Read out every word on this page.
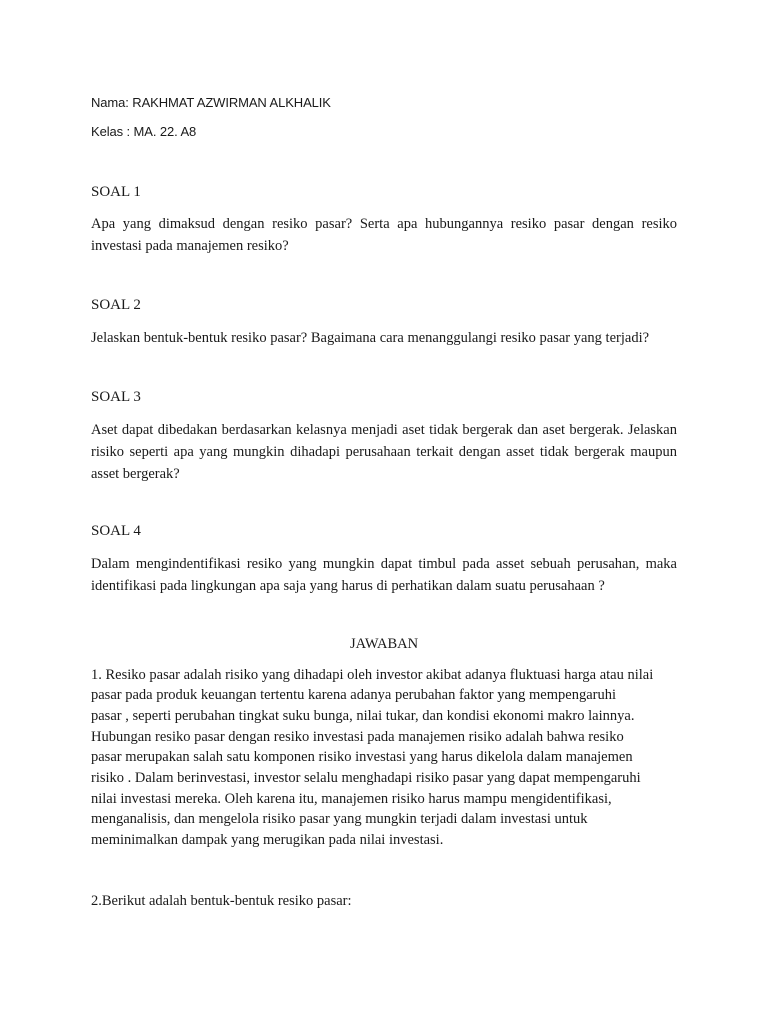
Nama: RAKHMAT AZWIRMAN ALKHALIK
Kelas : MA. 22. A8
SOAL 1
Apa yang dimaksud dengan resiko pasar? Serta apa hubungannya resiko pasar dengan resiko investasi pada manajemen resiko?
SOAL 2
Jelaskan bentuk-bentuk resiko pasar? Bagaimana cara menanggulangi resiko pasar yang terjadi?
SOAL 3
Aset dapat dibedakan berdasarkan kelasnya menjadi aset tidak bergerak dan aset bergerak. Jelaskan risiko seperti apa yang mungkin dihadapi perusahaan terkait dengan asset tidak bergerak maupun asset bergerak?
SOAL 4
Dalam mengindentifikasi resiko yang mungkin dapat timbul pada asset sebuah perusahan, maka identifikasi pada lingkungan apa saja yang harus di perhatikan dalam suatu perusahaan ?
JAWABAN
1. Resiko pasar adalah risiko yang dihadapi oleh investor akibat adanya fluktuasi harga atau nilai
pasar pada produk keuangan tertentu karena adanya perubahan faktor yang mempengaruhi
pasar , seperti perubahan tingkat suku bunga, nilai tukar, dan kondisi ekonomi makro lainnya.
Hubungan resiko pasar dengan resiko investasi pada manajemen risiko adalah bahwa resiko
pasar merupakan salah satu komponen risiko investasi yang harus dikelola dalam manajemen
risiko . Dalam berinvestasi, investor selalu menghadapi risiko pasar yang dapat mempengaruhi
nilai investasi mereka. Oleh karena itu, manajemen risiko harus mampu mengidentifikasi,
menganalisis, dan mengelola risiko pasar yang mungkin terjadi dalam investasi untuk
meminimalkan dampak yang merugikan pada nilai investasi.
2.Berikut adalah bentuk-bentuk resiko pasar:
